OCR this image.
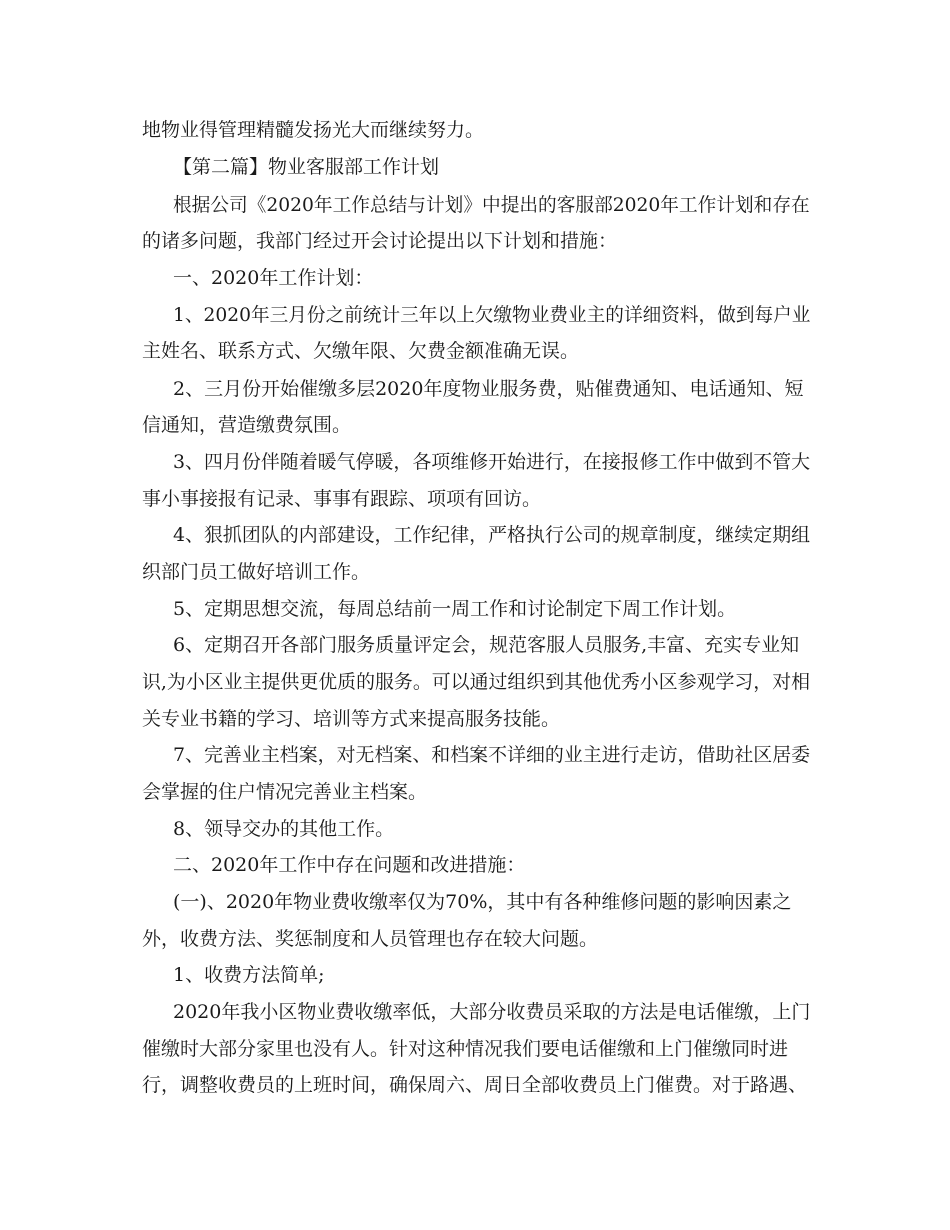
地物业得管理精髓发扬光大而继续努力。
【第二篇】物业客服部工作计划
根据公司《2020年工作总结与计划》中提出的客服部2020年工作计划和存在
的诸多问题，我部门经过开会讨论提出以下计划和措施：
一、2020年工作计划：
1、2020年三月份之前统计三年以上欠缴物业费业主的详细资料，做到每户业
主姓名、联系方式、欠缴年限、欠费金额准确无误。
2、三月份开始催缴多层2020年度物业服务费，贴催费通知、电话通知、短
信通知，营造缴费氛围。
3、四月份伴随着暖气停暖，各项维修开始进行，在接报修工作中做到不管大
事小事接报有记录、事事有跟踪、项项有回访。
4、狠抓团队的内部建设，工作纪律，严格执行公司的规章制度，继续定期组
织部门员工做好培训工作。
5、定期思想交流，每周总结前一周工作和讨论制定下周工作计划。
6、定期召开各部门服务质量评定会，规范客服人员服务,丰富、充实专业知
识,为小区业主提供更优质的服务。可以通过组织到其他优秀小区参观学习，对相
关专业书籍的学习、培训等方式来提高服务技能。
7、完善业主档案，对无档案、和档案不详细的业主进行走访，借助社区居委
会掌握的住户情况完善业主档案。
8、领导交办的其他工作。
二、2020年工作中存在问题和改进措施：
(一)、2020年物业费收缴率仅为70%，其中有各种维修问题的影响因素之
外，收费方法、奖惩制度和人员管理也存在较大问题。
1、收费方法简单;
2020年我小区物业费收缴率低，大部分收费员采取的方法是电话催缴，上门
催缴时大部分家里也没有人。针对这种情况我们要电话催缴和上门催缴同时进
行，调整收费员的上班时间，确保周六、周日全部收费员上门催费。对于路遇、
